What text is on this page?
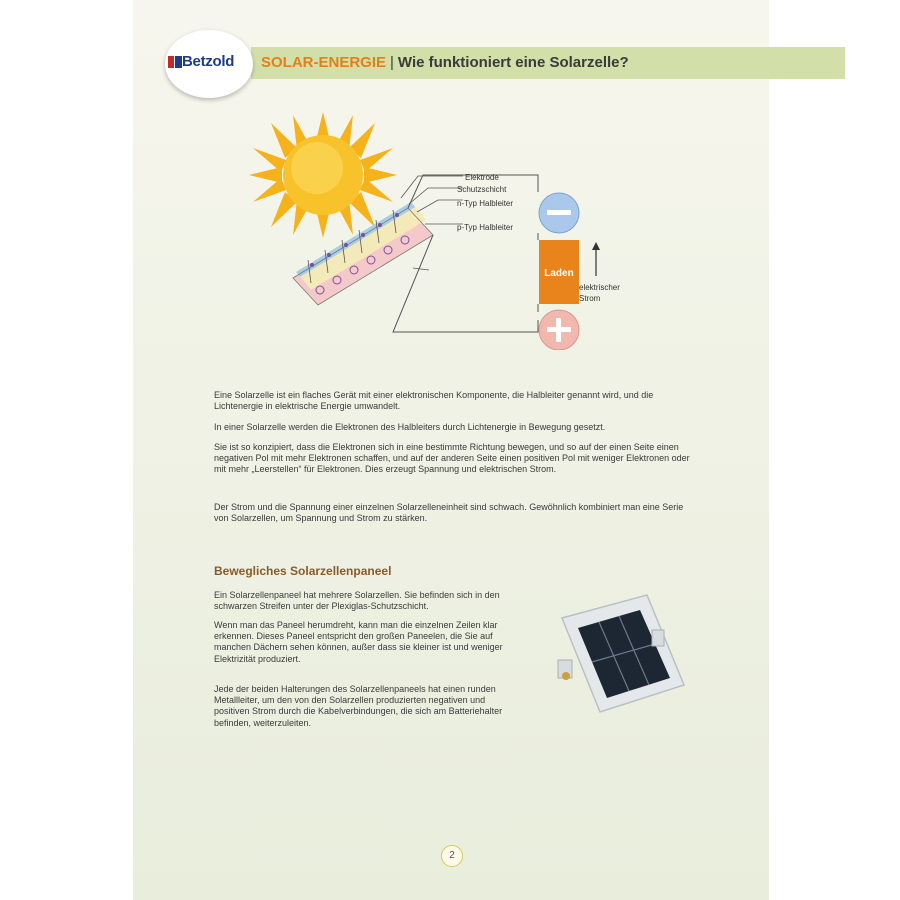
SOLAR-ENERGIE | Wie funktioniert eine Solarzelle?
Betzold
Elektrode
Schutzschicht
n-Typ Halbleiter
p-Typ Halbleiter
Laden
elektrischer
Strom

Eine Solarzelle ist ein flaches Gerät mit einer elektronischen Komponente, die Halbleiter genannt wird, und die Lichtenergie in elektrische Energie umwandelt.

In einer Solarzelle werden die Elektronen des Halbleiters durch Lichtenergie in Bewegung gesetzt.

Sie ist so konzipiert, dass die Elektronen sich in eine bestimmte Richtung bewegen, und so auf der einen Seite einen negativen Pol mit mehr Elektronen schaffen, und auf der anderen Seite einen positiven Pol mit weniger Elektronen oder mit mehr „Leerstellen“ für Elektronen. Dies erzeugt Spannung und elektrischen Strom.

Der Strom und die Spannung einer einzelnen Solarzelleneinheit sind schwach. Gewöhnlich kombiniert man eine Serie von Solarzellen, um Spannung und Strom zu stärken.

Bewegliches Solarzellenpaneel

Ein Solarzellenpaneel hat mehrere Solarzellen. Sie befinden sich in den schwarzen Streifen unter der Plexiglas-Schutzschicht.

Wenn man das Paneel herumdreht, kann man die einzelnen Zeilen klar erkennen. Dieses Paneel entspricht den großen Paneelen, die Sie auf manchen Dächern sehen können, außer dass sie kleiner ist und weniger Elektrizität produziert.

Jede der beiden Halterungen des Solarzellenpaneels hat einen runden Metallleiter, um den von den Solarzellen produzierten negativen und positiven Strom durch die Kabelverbindungen, die sich am Batteriehalter befinden, weiterzuleiten.

2
